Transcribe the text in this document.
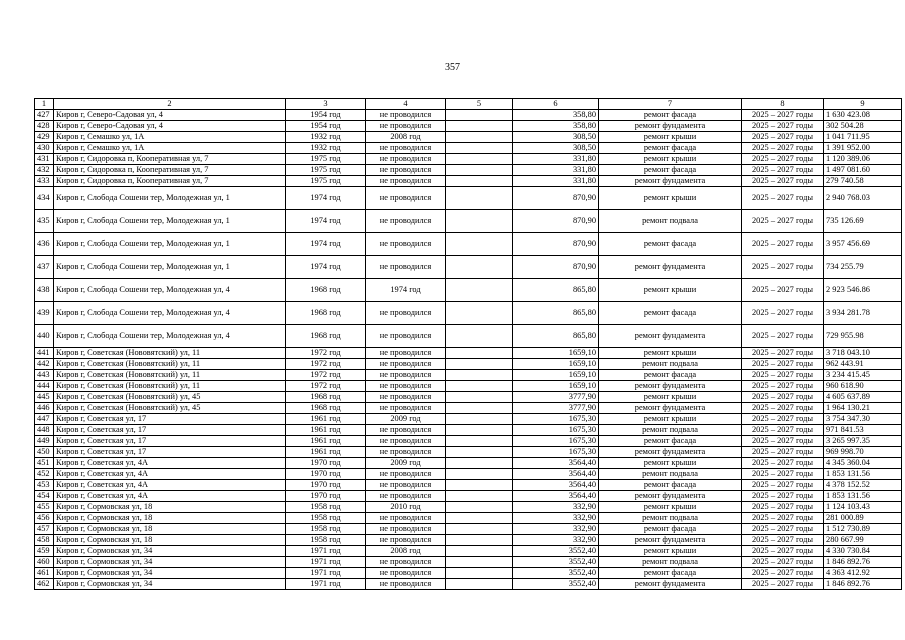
357
1	2	3	4	5	6	7	8	9
427	Киров г, Северо-Садовая ул, 4	1954 год	не проводился		358,80	ремонт фасада	2025 – 2027 годы	1 630 423.08
428	Киров г, Северо-Садовая ул, 4	1954 год	не проводился		358,80	ремонт фундамента	2025 – 2027 годы	302 504.28
429	Киров г, Семашко ул, 1А	1932 год	2008 год		308,50	ремонт крыши	2025 – 2027 годы	1 041 711.95
430	Киров г, Семашко ул, 1А	1932 год	не проводился		308,50	ремонт фасада	2025 – 2027 годы	1 391 952.00
431	Киров г, Сидоровка п, Кооперативная ул, 7	1975 год	не проводился		331,80	ремонт крыши	2025 – 2027 годы	1 120 389.06
432	Киров г, Сидоровка п, Кооперативная ул, 7	1975 год	не проводился		331,80	ремонт фасада	2025 – 2027 годы	1 497 081.60
433	Киров г, Сидоровка п, Кооперативная ул, 7	1975 год	не проводился		331,80	ремонт фундамента	2025 – 2027 годы	279 740.58
434	Киров г, Слобода Сошени тер, Молодежная ул, 1	1974 год	не проводился		870,90	ремонт крыши	2025 – 2027 годы	2 940 768.03
435	Киров г, Слобода Сошени тер, Молодежная ул, 1	1974 год	не проводился		870,90	ремонт подвала	2025 – 2027 годы	735 126.69
436	Киров г, Слобода Сошени тер, Молодежная ул, 1	1974 год	не проводился		870,90	ремонт фасада	2025 – 2027 годы	3 957 456.69
437	Киров г, Слобода Сошени тер, Молодежная ул, 1	1974 год	не проводился		870,90	ремонт фундамента	2025 – 2027 годы	734 255.79
438	Киров г, Слобода Сошени тер, Молодежная ул, 4	1968 год	1974 год		865,80	ремонт крыши	2025 – 2027 годы	2 923 546.86
439	Киров г, Слобода Сошени тер, Молодежная ул, 4	1968 год	не проводился		865,80	ремонт фасада	2025 – 2027 годы	3 934 281.78
440	Киров г, Слобода Сошени тер, Молодежная ул, 4	1968 год	не проводился		865,80	ремонт фундамента	2025 – 2027 годы	729 955.98
441	Киров г, Советская (Нововятский) ул, 11	1972 год	не проводился		1659,10	ремонт крыши	2025 – 2027 годы	3 718 043.10
442	Киров г, Советская (Нововятский) ул, 11	1972 год	не проводился		1659,10	ремонт подвала	2025 – 2027 годы	962 443.91
443	Киров г, Советская (Нововятский) ул, 11	1972 год	не проводился		1659,10	ремонт фасада	2025 – 2027 годы	3 234 415.45
444	Киров г, Советская (Нововятский) ул, 11	1972 год	не проводился		1659,10	ремонт фундамента	2025 – 2027 годы	960 618.90
445	Киров г, Советская (Нововятский) ул, 45	1968 год	не проводился		3777,90	ремонт крыши	2025 – 2027 годы	4 605 637.89
446	Киров г, Советская (Нововятский) ул, 45	1968 год	не проводился		3777,90	ремонт фундамента	2025 – 2027 годы	1 964 130.21
447	Киров г, Советская ул, 17	1961 год	2009 год		1675,30	ремонт крыши	2025 – 2027 годы	3 754 347.30
448	Киров г, Советская ул, 17	1961 год	не проводился		1675,30	ремонт подвала	2025 – 2027 годы	971 841.53
449	Киров г, Советская ул, 17	1961 год	не проводился		1675,30	ремонт фасада	2025 – 2027 годы	3 265 997.35
450	Киров г, Советская ул, 17	1961 год	не проводился		1675,30	ремонт фундамента	2025 – 2027 годы	969 998.70
451	Киров г, Советская ул, 4А	1970 год	2009 год		3564,40	ремонт крыши	2025 – 2027 годы	4 345 360.04
452	Киров г, Советская ул, 4А	1970 год	не проводился		3564,40	ремонт подвала	2025 – 2027 годы	1 853 131.56
453	Киров г, Советская ул, 4А	1970 год	не проводился		3564,40	ремонт фасада	2025 – 2027 годы	4 378 152.52
454	Киров г, Советская ул, 4А	1970 год	не проводился		3564,40	ремонт фундамента	2025 – 2027 годы	1 853 131.56
455	Киров г, Сормовская ул, 18	1958 год	2010 год		332,90	ремонт крыши	2025 – 2027 годы	1 124 103.43
456	Киров г, Сормовская ул, 18	1958 год	не проводился		332,90	ремонт подвала	2025 – 2027 годы	281 000.89
457	Киров г, Сормовская ул, 18	1958 год	не проводился		332,90	ремонт фасада	2025 – 2027 годы	1 512 730.89
458	Киров г, Сормовская ул, 18	1958 год	не проводился		332,90	ремонт фундамента	2025 – 2027 годы	280 667.99
459	Киров г, Сормовская ул, 34	1971 год	2008 год		3552,40	ремонт крыши	2025 – 2027 годы	4 330 730.84
460	Киров г, Сормовская ул, 34	1971 год	не проводился		3552,40	ремонт подвала	2025 – 2027 годы	1 846 892.76
461	Киров г, Сормовская ул, 34	1971 год	не проводился		3552,40	ремонт фасада	2025 – 2027 годы	4 363 412.92
462	Киров г, Сормовская ул, 34	1971 год	не проводился		3552,40	ремонт фундамента	2025 – 2027 годы	1 846 892.76
